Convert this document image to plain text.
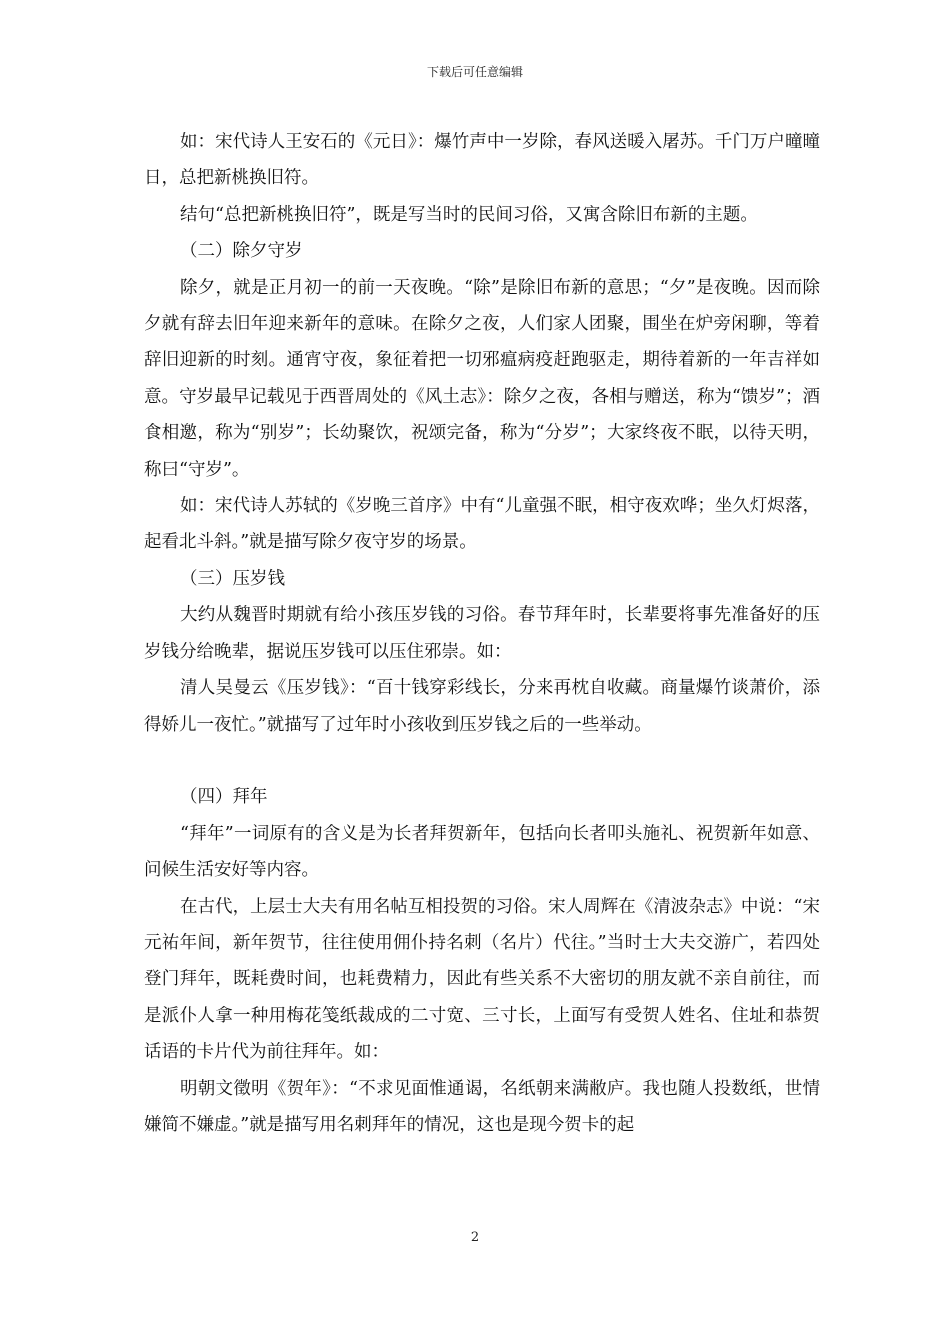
下载后可任意编辑

如：宋代诗人王安石的《元日》：爆竹声中一岁除，春风送暖入屠苏。千门万户曈曈日，总把新桃换旧符。

结句“总把新桃换旧符”，既是写当时的民间习俗，又寓含除旧布新的主题。

（二）除夕守岁

除夕，就是正月初一的前一天夜晚。“除”是除旧布新的意思；“夕”是夜晚。因而除夕就有辞去旧年迎来新年的意味。在除夕之夜，人们家人团聚，围坐在炉旁闲聊，等着辞旧迎新的时刻。通宵守夜，象征着把一切邪瘟病疫赶跑驱走，期待着新的一年吉祥如意。守岁最早记载见于西晋周处的《风土志》：除夕之夜，各相与赠送，称为“馈岁”；酒食相邀，称为“别岁”；长幼聚饮，祝颂完备，称为“分岁”；大家终夜不眠，以待天明，称曰“守岁”。

如：宋代诗人苏轼的《岁晚三首序》中有“儿童强不眠，相守夜欢哗；坐久灯烬落，起看北斗斜。”就是描写除夕夜守岁的场景。

（三）压岁钱

大约从魏晋时期就有给小孩压岁钱的习俗。春节拜年时，长辈要将事先准备好的压岁钱分给晚辈，据说压岁钱可以压住邪崇。如：

清人吴曼云《压岁钱》：“百十钱穿彩线长，分来再枕自收藏。商量爆竹谈萧价，添得娇儿一夜忙。”就描写了过年时小孩收到压岁钱之后的一些举动。

（四）拜年

“拜年”一词原有的含义是为长者拜贺新年，包括向长者叩头施礼、祝贺新年如意、问候生活安好等内容。

在古代，上层士大夫有用名帖互相投贺的习俗。宋人周辉在《清波杂志》中说：“宋元祐年间，新年贺节，往往使用佣仆持名刺（名片）代往。”当时士大夫交游广，若四处登门拜年，既耗费时间，也耗费精力，因此有些关系不大密切的朋友就不亲自前往，而是派仆人拿一种用梅花笺纸裁成的二寸宽、三寸长，上面写有受贺人姓名、住址和恭贺话语的卡片代为前往拜年。如：

明朝文徵明《贺年》：“不求见面惟通谒，名纸朝来满敝庐。我也随人投数纸，世情嫌简不嫌虚。”就是描写用名刺拜年的情况，这也是现今贺卡的起

2
